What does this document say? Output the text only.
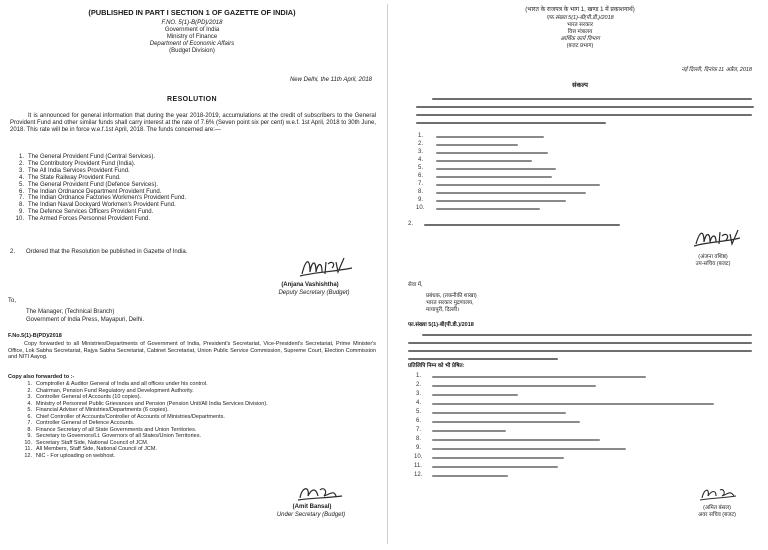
(PUBLISHED IN PART I SECTION 1 OF GAZETTE OF INDIA)
F.NO. 5(1)-B(PD)/2018
Government of India
Ministry of Finance
Department of Economic Affairs
(Budget Division)
New Delhi, the 11th April, 2018
RESOLUTION

It is announced for general information that during the year 2018-2019, accumulations at the credit of subscribers to the General Provident Fund and other similar funds shall carry interest at the rate of 7.6% (Seven point six per cent) w.e.f. 1st April, 2018 to 30th June, 2018. This rate will be in force w.e.f.1st April, 2018. The funds concerned are:—

1. The General Provident Fund (Central Services).
2. The Contributory Provident Fund (India).
3. The All India Services Provident Fund.
4. The State Railway Provident Fund.
5. The General Provident Fund (Defence Services).
6. The Indian Ordnance Department Provident Fund.
7. The Indian Ordnance Factories Workmen's Provident Fund.
8. The Indian Naval Dockyard Workmen's Provident Fund.
9. The Defence Services Officers Provident Fund.
10. The Armed Forces Personnel Provident Fund.
2. Ordered that the Resolution be published in Gazette of India.
(Anjana Vashishtha)
Deputy Secretary (Budget)
To,
The Manager, (Technical Branch)
Government of India Press, Mayapuri, Delhi.
F.No.5(1)-B(PD)/2018

Copy forwarded to all Ministries/Departments of Government of India, President's Secretariat, Vice-President's Secretariat, Prime Minister's Office, Lok Sabha Secretariat, Rajya Sabha Secretariat, Cabinet Secretariat, Union Public Service Commission, Supreme Court, Election Commission and NITI Aayog.

Copy also forwarded to :-
1. Comptroller & Auditor General of India and all offices under his control.
2. Chairman, Pension Fund Regulatory and Development Authority.
3. Controller General of Accounts (10 copies).
4. Ministry of Personnel Public Grievances and Pension (Pension Unit/All India Services Division).
5. Financial Adviser of Ministries/Departments (6 copies).
6. Chief Controller of Accounts/Controller of Accounts of Ministries/Departments.
7. Controller General of Defence Accounts.
8. Finance Secretary of all State Governments and Union Territories.
9. Secretary to Governors/Lt. Governors of all States/Union Territories.
10. Secretary Staff Side, National Council of JCM.
11. All Members, Staff Side, National Council of JCM.
12. NIC - For uploading on webhost.
(Amit Bansal)
Under Secretary (Budget)
(भारत के राजपत्र के भाग 1, खण्ड 1 में प्रकाशनार्थ)
एफ.संख्या 5(1)-बी(पी.डी.)/2018
भारत सरकार
वित्त मंत्रालय
आर्थिक कार्य विभाग
(बजट प्रभाग)
नई दिल्ली, दिनांक 11 अप्रैल, 2018
संकल्प
1.
2.
3.
4.
5.
6.
7.
8.
9.
10.
2.
(अंजना वशिष्ठ)
उप-सचिव (बजट)
सेवा में,
प्रबंधक, (तकनीकी शाखा)
भारत सरकार मुद्रणालय,
मायापुरी, दिल्ली।
फा.संख्या 5(1)-बी(पी.डी.)/2018
प्रतिलिपि निम्न को भी प्रेषित:
1.
2.
3.
4.
5.
6.
7.
8.
9.
10.
11.
12.
(अमित बंसल)
अवर सचिव (बजट)
